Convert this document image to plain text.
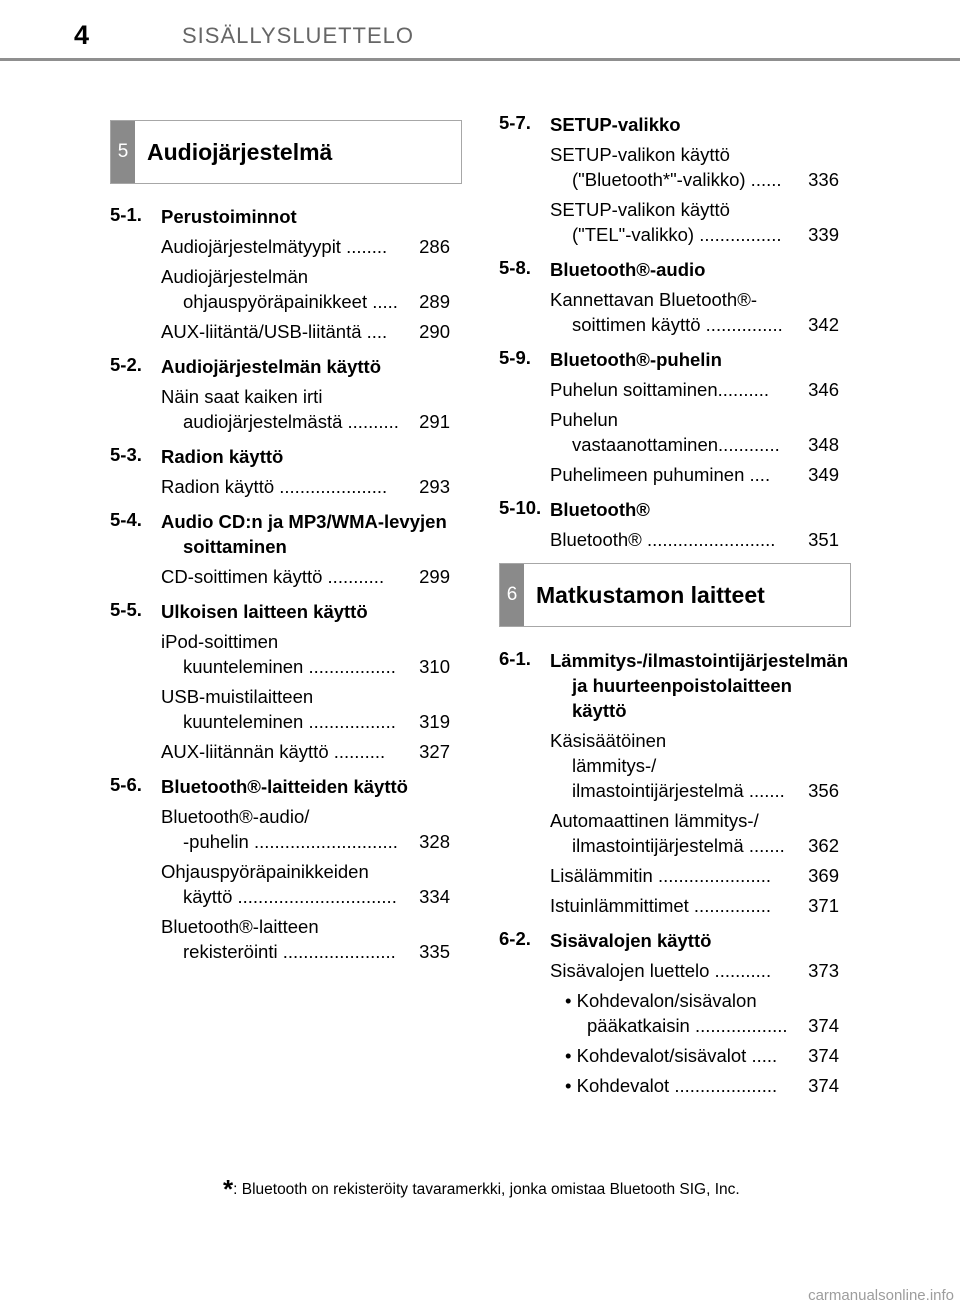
4	SISÄLLYSLUETTELO
5 Audiojärjestelmä
6 Matkustamon laitteet
5-1. Perustoiminnot
Audiojärjestelmätyypit ........	286
Audiojärjestelmän
ohjauspyöräpainikkeet .....	289
AUX-liitäntä/USB-liitäntä ....	290
5-2. Audiojärjestelmän käyttö
Näin saat kaiken irti
audiojärjestelmästä ..........	291
5-3. Radion käyttö
Radion käyttö .....................	293
5-4. Audio CD:n ja MP3/WMA-levyjen soittaminen
CD-soittimen käyttö ...........	299
5-5. Ulkoisen laitteen käyttö
iPod-soittimen
kuunteleminen .................	310
USB-muistilaitteen
kuunteleminen .................	319
AUX-liitännän käyttö ..........	327
5-6. Bluetooth®-laitteiden käyttö
Bluetooth®-audio/
-puhelin ............................	328
Ohjauspyöräpainikkeiden
käyttö ...............................	334
Bluetooth®-laitteen
rekisteröinti ......................	335
5-7. SETUP-valikko
SETUP-valikon käyttö
("Bluetooth*"-valikko) ......	336
SETUP-valikon käyttö
("TEL"-valikko) ................	339
5-8. Bluetooth®-audio
Kannettavan Bluetooth®-
soittimen käyttö ...............	342
5-9. Bluetooth®-puhelin
Puhelun soittaminen..........	346
Puhelun
vastaanottaminen............	348
Puhelimeen puhuminen ....	349
5-10. Bluetooth®
Bluetooth® .........................	351
6-1. Lämmitys-/ilmastointijärjestelmän ja huurteenpoistolaitteen käyttö
Käsisäätöinen
lämmitys-/
ilmastointijärjestelmä .......	356
Automaattinen lämmitys-/
ilmastointijärjestelmä .......	362
Lisälämmitin ......................	369
Istuinlämmittimet ...............	371
6-2. Sisävalojen käyttö
Sisävalojen luettelo ...........	373
• Kohdevalon/sisävalon
pääkatkaisin ..................	374
• Kohdevalot/sisävalot .....	374
• Kohdevalot ....................	374
*: Bluetooth on rekisteröity tavaramerkki, jonka omistaa Bluetooth SIG, Inc.
carmanualsonline.info
